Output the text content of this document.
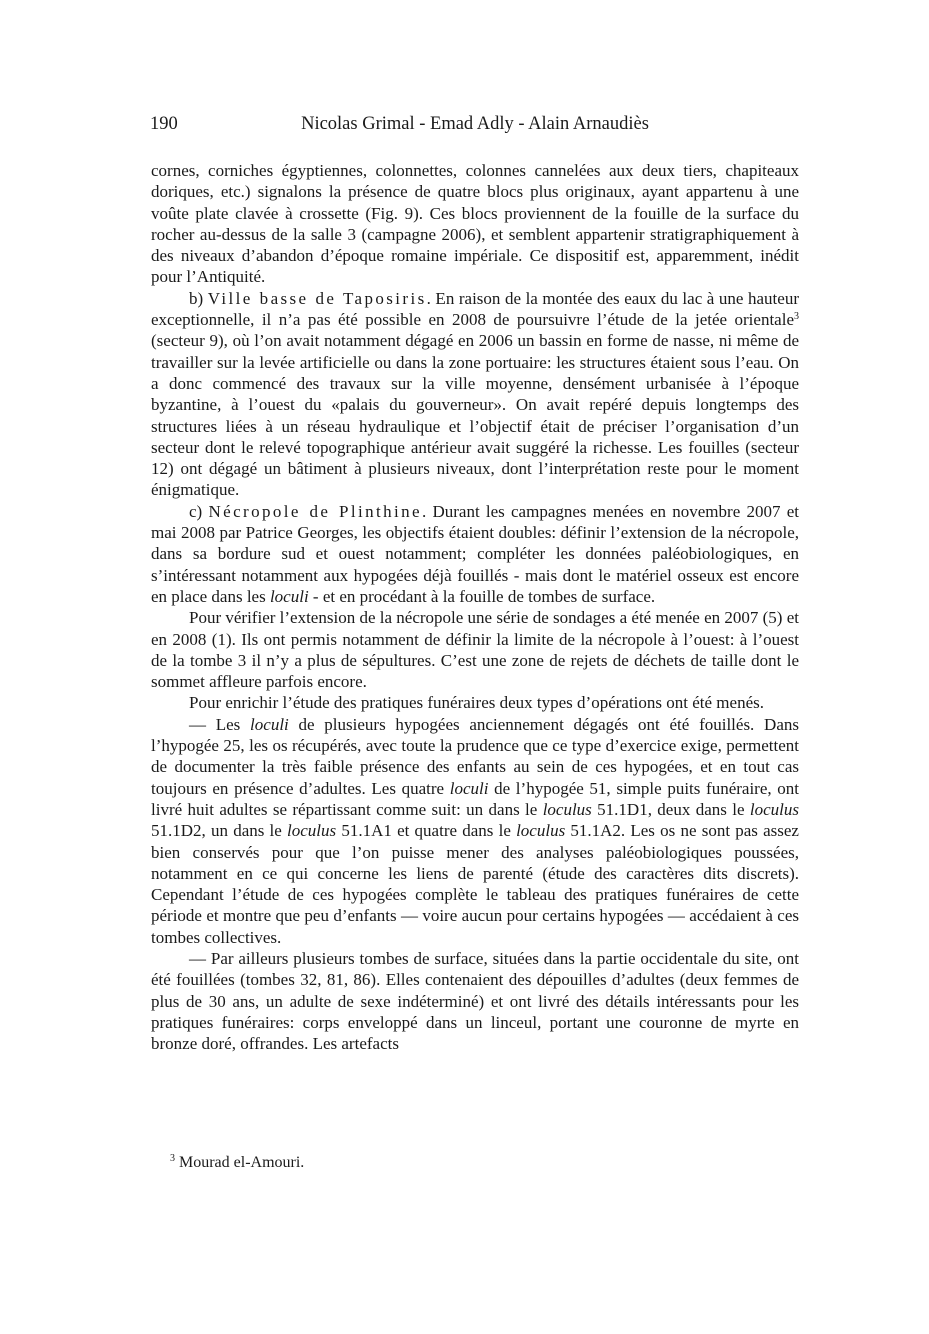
190	Nicolas Grimal - Emad Adly - Alain Arnaudiès

cornes, corniches égyptiennes, colonnettes, colonnes cannelées aux deux tiers, chapiteaux doriques, etc.) signalons la présence de quatre blocs plus originaux, ayant appartenu à une voûte plate clavée à crossette (Fig. 9). Ces blocs proviennent de la fouille de la surface du rocher au-dessus de la salle 3 (campagne 2006), et semblent appartenir stratigraphiquement à des niveaux d’abandon d’époque romaine impériale. Ce dispositif est, apparemment, inédit pour l’Antiquité.

b) Ville basse de Taposiris. En raison de la montée des eaux du lac à une hauteur exceptionnelle, il n’a pas été possible en 2008 de poursuivre l’étude de la jetée orientale$^3$ (secteur 9), où l’on avait notamment dégagé en 2006 un bassin en forme de nasse, ni même de travailler sur la levée artificielle ou dans la zone portuaire: les structures étaient sous l’eau. On a donc commencé des travaux sur la ville moyenne, densément urbanisée à l’époque byzantine, à l’ouest du «palais du gouverneur». On avait repéré depuis longtemps des structures liées à un réseau hydraulique et l’objectif était de préciser l’organisation d’un secteur dont le relevé topographique antérieur avait suggéré la richesse. Les fouilles (secteur 12) ont dégagé un bâtiment à plusieurs niveaux, dont l’interprétation reste pour le moment énigmatique.

c) Nécropole de Plinthine. Durant les campagnes menées en novembre 2007 et mai 2008 par Patrice Georges, les objectifs étaient doubles: définir l’extension de la nécropole, dans sa bordure sud et ouest notamment; compléter les données paléobiologiques, en s’intéressant notamment aux hypogées déjà fouillés - mais dont le matériel osseux est encore en place dans les loculi - et en procédant à la fouille de tombes de surface.

Pour vérifier l’extension de la nécropole une série de sondages a été menée en 2007 (5) et en 2008 (1). Ils ont permis notamment de définir la limite de la nécropole à l’ouest: à l’ouest de la tombe 3 il n’y a plus de sépultures. C’est une zone de rejets de déchets de taille dont le sommet affleure parfois encore.

Pour enrichir l’étude des pratiques funéraires deux types d’opérations ont été menés.

— Les loculi de plusieurs hypogées anciennement dégagés ont été fouillés. Dans l’hypogée 25, les os récupérés, avec toute la prudence que ce type d’exercice exige, permettent de documenter la très faible présence des enfants au sein de ces hypogées, et en tout cas toujours en présence d’adultes. Les quatre loculi de l’hypogée 51, simple puits funéraire, ont livré huit adultes se répartissant comme suit: un dans le loculus 51.1D1, deux dans le loculus 51.1D2, un dans le loculus 51.1A1 et quatre dans le loculus 51.1A2. Les os ne sont pas assez bien conservés pour que l’on puisse mener des analyses paléobiologiques poussées, notamment en ce qui concerne les liens de parenté (étude des caractères dits discrets). Cependant l’étude de ces hypogées complète le tableau des pratiques funéraires de cette période et montre que peu d’enfants — voire aucun pour certains hypogées — accédaient à ces tombes collectives.

— Par ailleurs plusieurs tombes de surface, situées dans la partie occidentale du site, ont été fouillées (tombes 32, 81, 86). Elles contenaient des dépouilles d’adultes (deux femmes de plus de 30 ans, un adulte de sexe indéterminé) et ont livré des détails intéressants pour les pratiques funéraires: corps enveloppé dans un linceul, portant une couronne de myrte en bronze doré, offrandes. Les artefacts

$^3$ Mourad el-Amouri.
